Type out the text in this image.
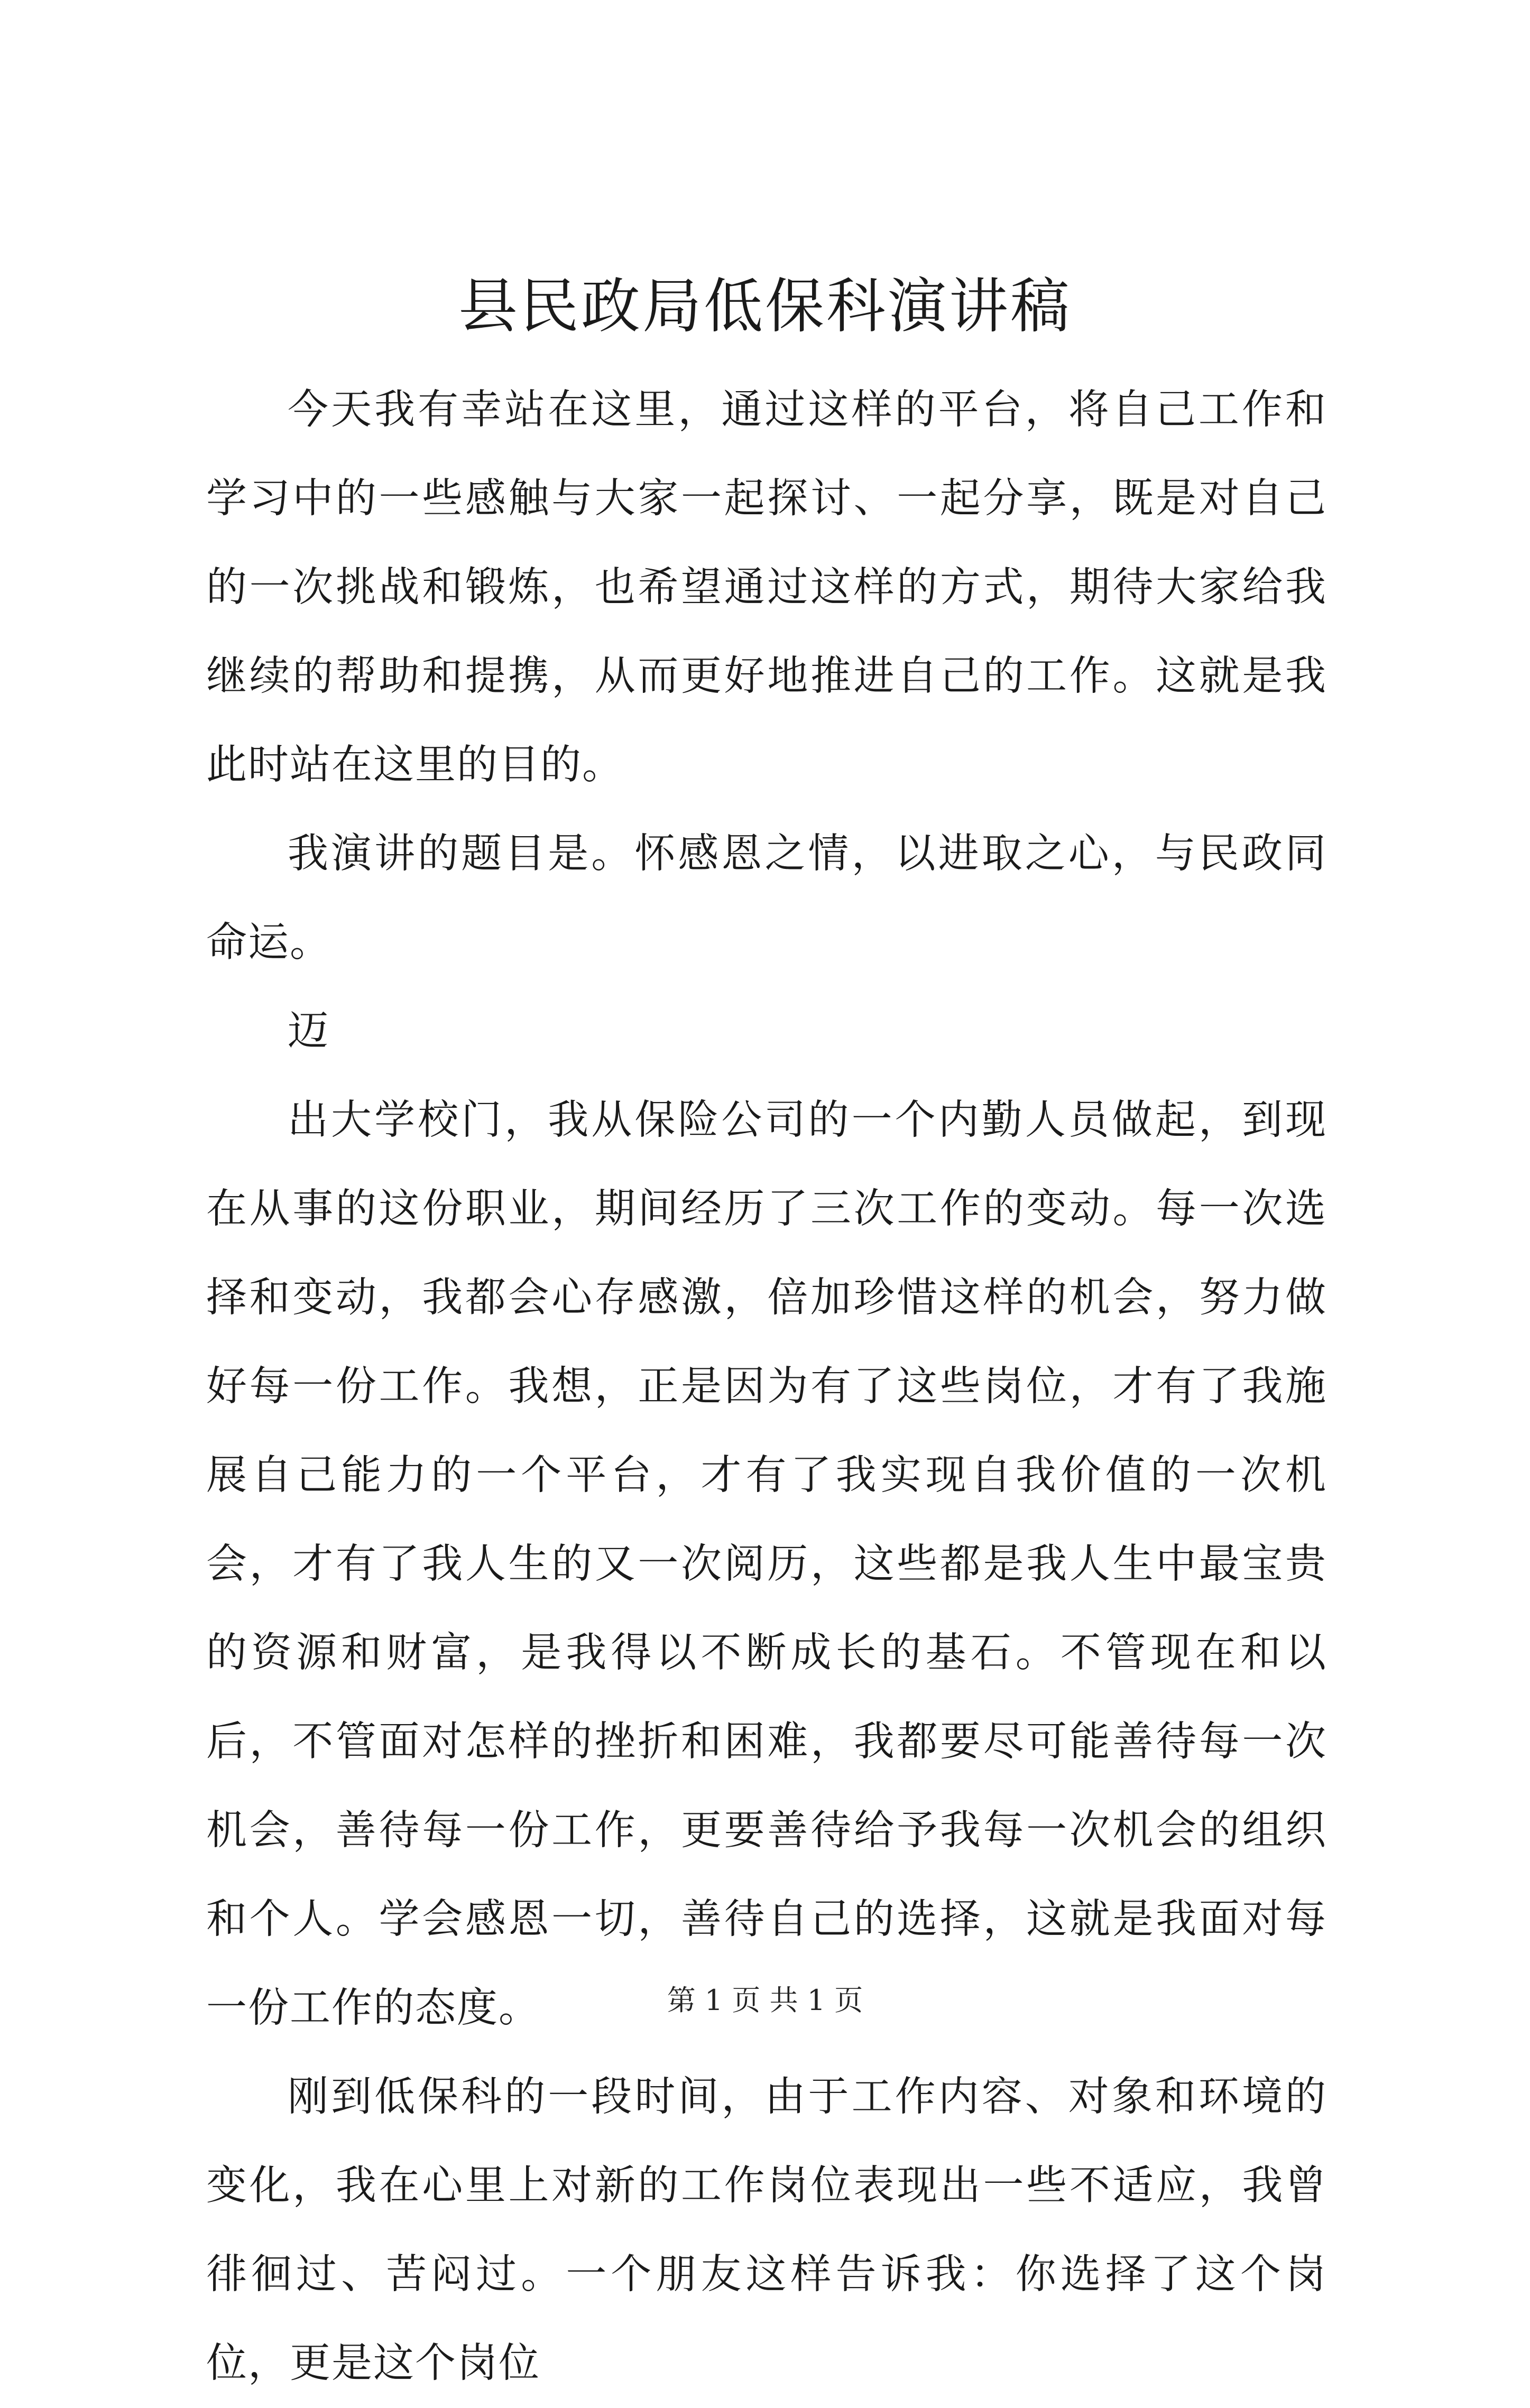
县民政局低保科演讲稿

今天我有幸站在这里，通过这样的平台，将自己工作和学习中的一些感触与大家一起探讨、一起分享，既是对自己的一次挑战和锻炼，也希望通过这样的方式，期待大家给我继续的帮助和提携，从而更好地推进自己的工作。这就是我此时站在这里的目的。

我演讲的题目是。怀感恩之情，以进取之心，与民政同命运。

迈

出大学校门，我从保险公司的一个内勤人员做起，到现在从事的这份职业，期间经历了三次工作的变动。每一次选择和变动，我都会心存感激，倍加珍惜这样的机会，努力做好每一份工作。我想，正是因为有了这些岗位，才有了我施展自己能力的一个平台，才有了我实现自我价值的一次机会，才有了我人生的又一次阅历，这些都是我人生中最宝贵的资源和财富，是我得以不断成长的基石。不管现在和以后，不管面对怎样的挫折和困难，我都要尽可能善待每一次机会，善待每一份工作，更要善待给予我每一次机会的组织和个人。学会感恩一切，善待自己的选择，这就是我面对每一份工作的态度。

刚到低保科的一段时间，由于工作内容、对象和环境的变化，我在心里上对新的工作岗位表现出一些不适应，我曾徘徊过、苦闷过。一个朋友这样告诉我：你选择了这个岗位，更是这个岗位

第 1 页 共 1 页
